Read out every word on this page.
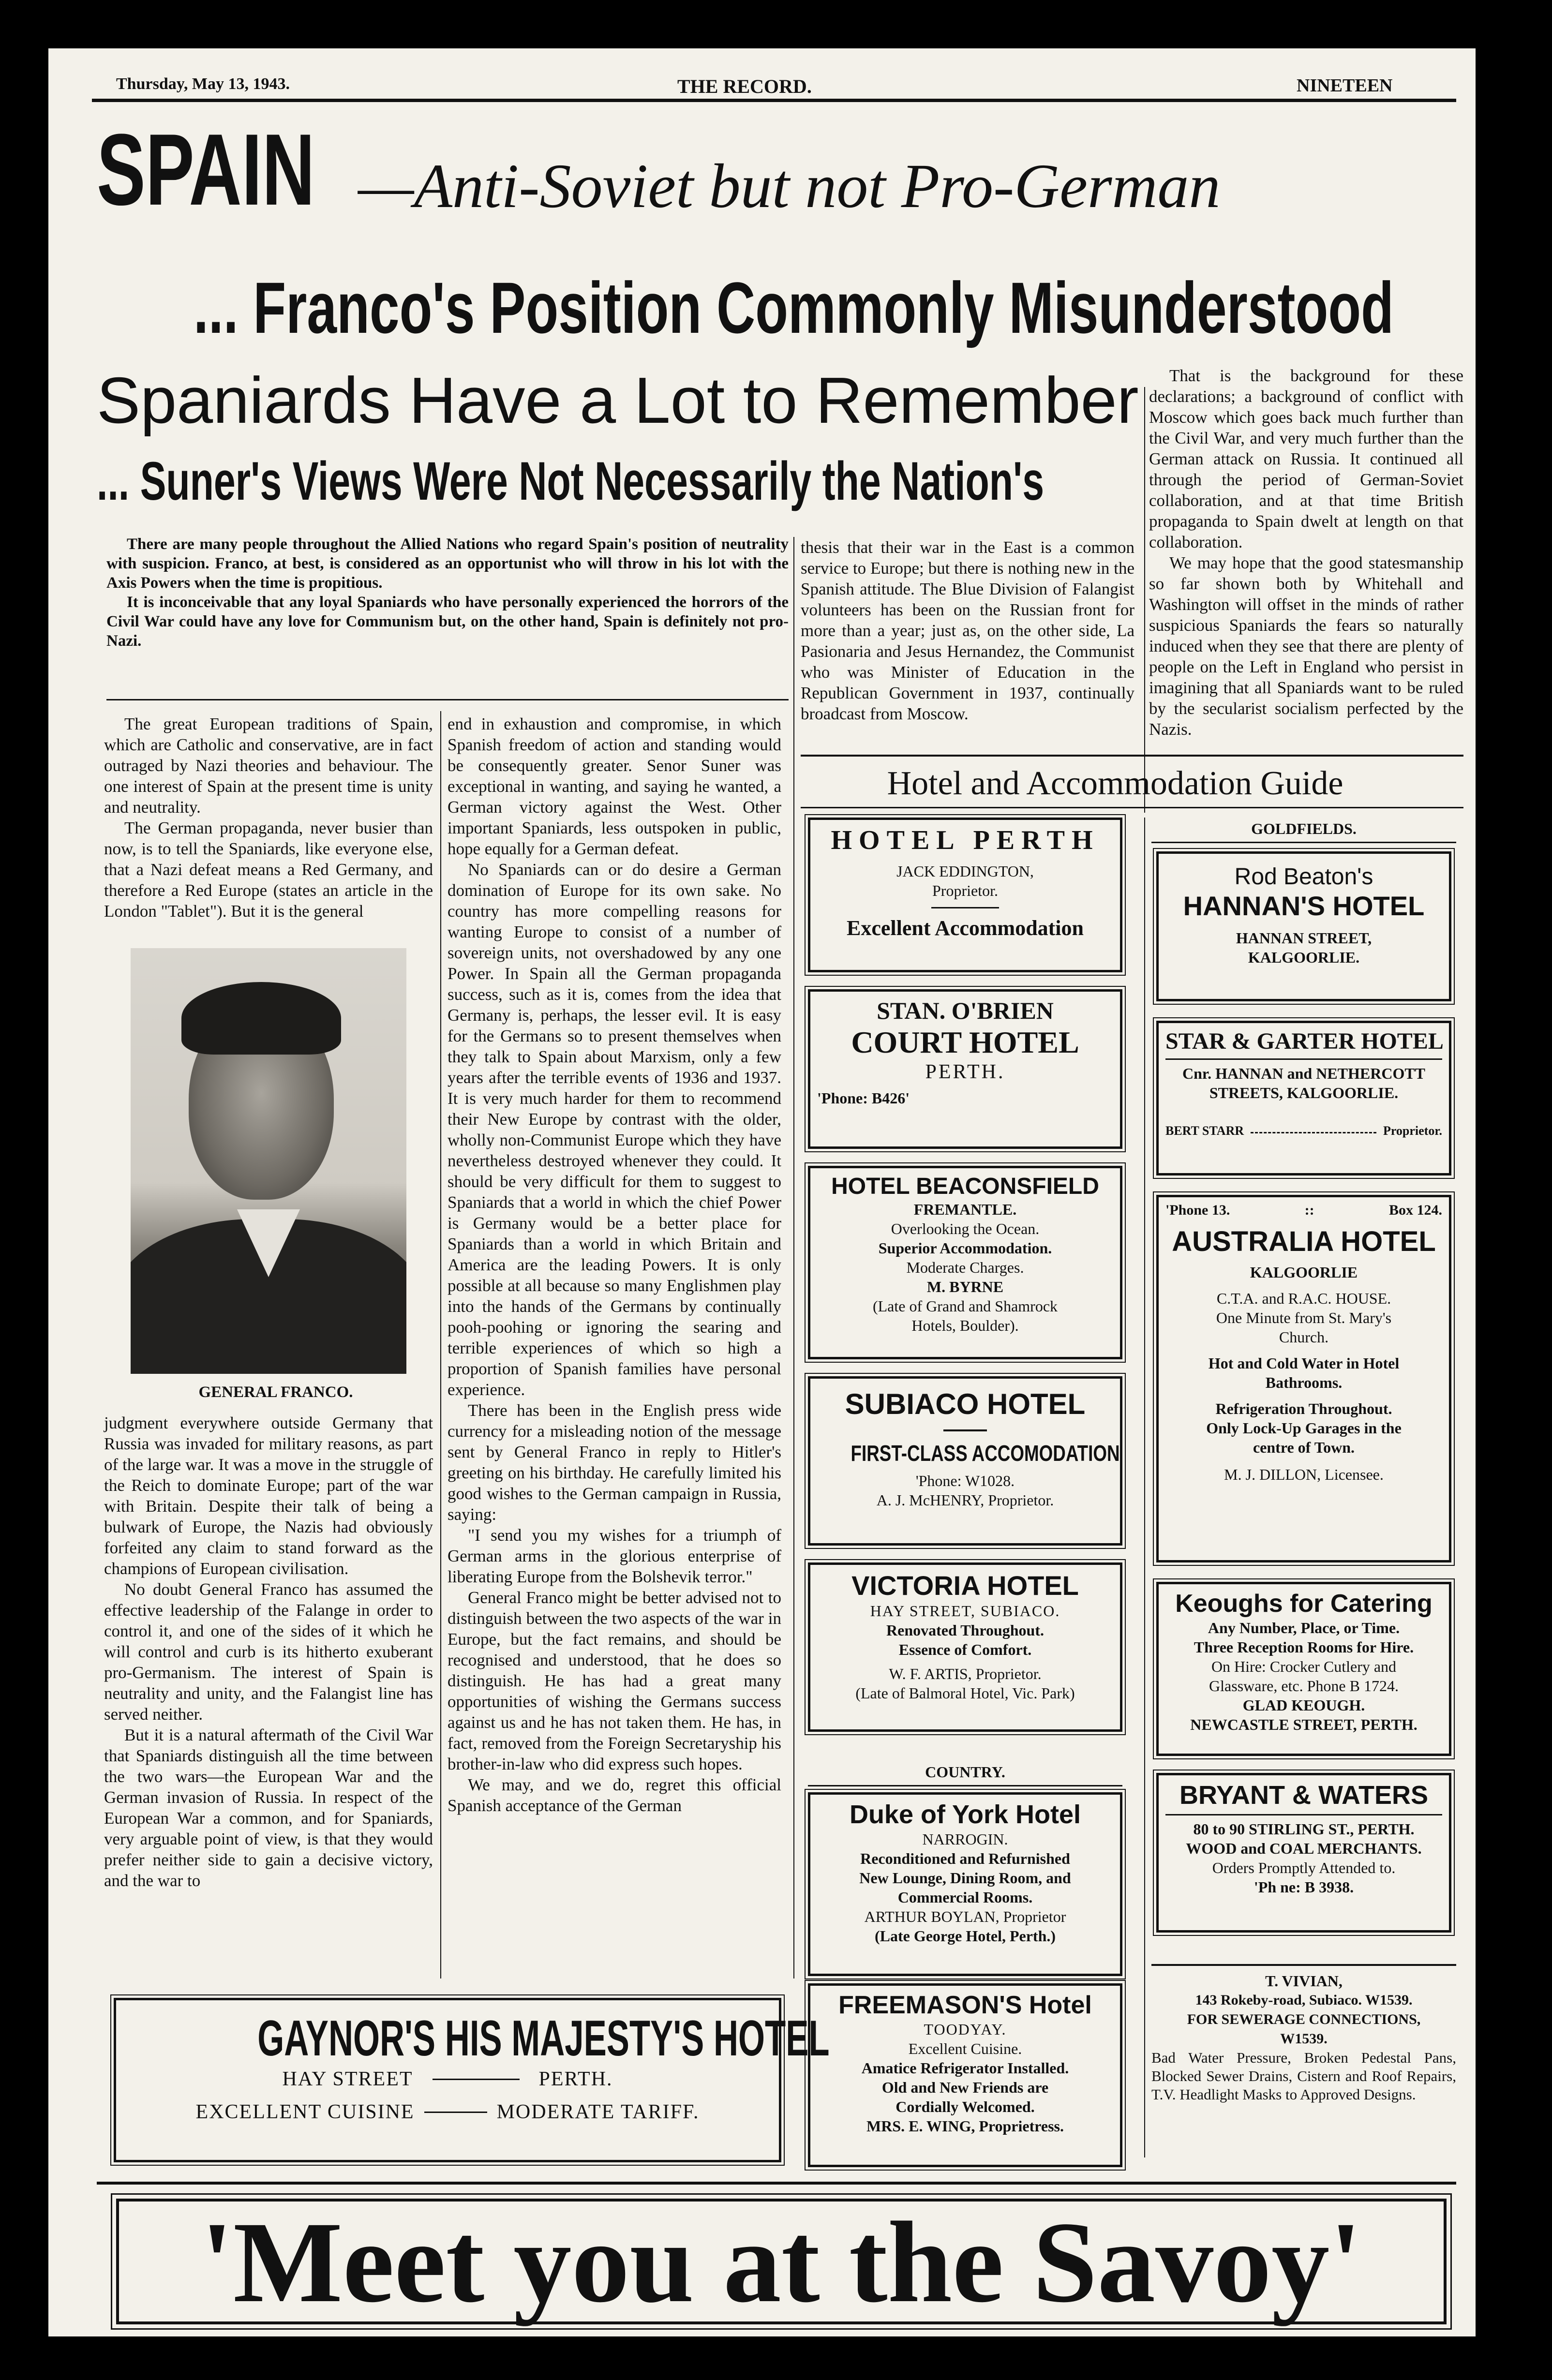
Thursday, May 13, 1943.	THE RECORD.	NINETEEN
SPAIN —Anti-Soviet but not Pro-German
... Franco's Position Commonly Misunderstood
Spaniards Have a Lot to Remember
... Suner's Views Were Not Necessarily the Nation's

There are many people throughout the Allied Nations who regard Spain's position of neutrality with suspicion. Franco, at best, is considered as an opportunist who will throw in his lot with the Axis Powers when the time is propitious.

It is inconceivable that any loyal Spaniards who have personally experienced the horrors of the Civil War could have any love for Communism but, on the other hand, Spain is definitely not pro-Nazi.

The great European traditions of Spain, which are Catholic and conservative, are in fact outraged by Nazi theories and behaviour. The one interest of Spain at the present time is unity and neutrality.

The German propaganda, never busier than now, is to tell the Spaniards, like everyone else, that a Nazi defeat means a Red Germany, and therefore a Red Europe (states an article in the London "Tablet"). But it is the general

GENERAL FRANCO.

judgment everywhere outside Germany that Russia was invaded for military reasons, as part of the large war. It was a move in the struggle of the Reich to dominate Europe; part of the war with Britain. Despite their talk of being a bulwark of Europe, the Nazis had obviously forfeited any claim to stand forward as the champions of European civilisation.

No doubt General Franco has assumed the effective leadership of the Falange in order to control it, and one of the sides of it which he will control and curb is its hitherto exuberant pro-Germanism. The interest of Spain is neutrality and unity, and the Falangist line has served neither.

But it is a natural aftermath of the Civil War that Spaniards distinguish all the time between the two wars—the European War and the German invasion of Russia. In respect of the European War a common, and for Spaniards, very arguable point of view, is that they would prefer neither side to gain a decisive victory, and the war to

end in exhaustion and compromise, in which Spanish freedom of action and standing would be consequently greater. Senor Suner was exceptional in wanting, and saying he wanted, a German victory against the West. Other important Spaniards, less outspoken in public, hope equally for a German defeat.

No Spaniards can or do desire a German domination of Europe for its own sake. No country has more compelling reasons for wanting Europe to consist of a number of sovereign units, not overshadowed by any one Power. In Spain all the German propaganda success, such as it is, comes from the idea that Germany is, perhaps, the lesser evil. It is easy for the Germans so to present themselves when they talk to Spain about Marxism, only a few years after the terrible events of 1936 and 1937. It is very much harder for them to recommend their New Europe by contrast with the older, wholly non-Communist Europe which they have nevertheless destroyed whenever they could. It should be very difficult for them to suggest to Spaniards that a world in which the chief Power is Germany would be a better place for Spaniards than a world in which Britain and America are the leading Powers. It is only possible at all because so many Englishmen play into the hands of the Germans by continually pooh-poohing or ignoring the searing and terrible experiences of which so high a proportion of Spanish families have personal experience.

There has been in the English press wide currency for a misleading notion of the message sent by General Franco in reply to Hitler's greeting on his birthday. He carefully limited his good wishes to the German campaign in Russia, saying:

"I send you my wishes for a triumph of German arms in the glorious enterprise of liberating Europe from the Bolshevik terror."

General Franco might be better advised not to distinguish between the two aspects of the war in Europe, but the fact remains, and should be recognised and understood, that he does so distinguish. He has had a great many opportunities of wishing the Germans success against us and he has not taken them. He has, in fact, removed from the Foreign Secretaryship his brother-in-law who did express such hopes.

We may, and we do, regret this official Spanish acceptance of the German

thesis that their war in the East is a common service to Europe; but there is nothing new in the Spanish attitude. The Blue Division of Falangist volunteers has been on the Russian front for more than a year; just as, on the other side, La Pasionaria and Jesus Hernandez, the Communist who was Minister of Education in the Republican Government in 1937, continually broadcast from Moscow.

That is the background for these declarations; a background of conflict with Moscow which goes back much further than the Civil War, and very much further than the German attack on Russia. It continued all through the period of German-Soviet collaboration, and at that time British propaganda to Spain dwelt at length on that collaboration.

We may hope that the good statesmanship so far shown both by Whitehall and Washington will offset in the minds of rather suspicious Spaniards the fears so naturally induced when they see that there are plenty of people on the Left in England who persist in imagining that all Spaniards want to be ruled by the secularist socialism perfected by the Nazis.

Hotel and Accommodation Guide
HOTEL PERTH
JACK EDDINGTON,
Proprietor.
Excellent Accommodation
STAN. O'BRIEN
COURT HOTEL
PERTH.
'Phone: B426'
HOTEL BEACONSFIELD
FREMANTLE.
Overlooking the Ocean.
Superior Accommodation.
Moderate Charges.
M. BYRNE
(Late of Grand and Shamrock
Hotels, Boulder).
SUBIACO HOTEL
FIRST-CLASS ACCOMODATION
'Phone: W1028.
A. J. McHENRY, Proprietor.
VICTORIA HOTEL
HAY STREET, SUBIACO.
Renovated Throughout.
Essence of Comfort.
W. F. ARTIS, Proprietor.
(Late of Balmoral Hotel, Vic. Park)
COUNTRY.
Duke of York Hotel
NARROGIN.
Reconditioned and Refurnished
New Lounge, Dining Room, and
Commercial Rooms.
ARTHUR BOYLAN, Proprietor
(Late George Hotel, Perth.)
FREEMASON'S Hotel
TOODYAY.
Excellent Cuisine.
Amatice Refrigerator Installed.
Old and New Friends are
Cordially Welcomed.
MRS. E. WING, Proprietress.
GOLDFIELDS.
Rod Beaton's
HANNAN'S HOTEL
HANNAN STREET,
KALGOORLIE.
STAR & GARTER HOTEL
Cnr. HANNAN and NETHERCOTT
STREETS, KALGOORLIE.
BERT STARR	Proprietor.
'Phone 13.	::	Box 124.
AUSTRALIA HOTEL
KALGOORLIE
C.T.A. and R.A.C. HOUSE.
One Minute from St. Mary's
Church.
Hot and Cold Water in Hotel
Bathrooms.
Refrigeration Throughout.
Only Lock-Up Garages in the
centre of Town.
M. J. DILLON, Licensee.
Keoughs for Catering
Any Number, Place, or Time.
Three Reception Rooms for Hire.
On Hire: Crocker Cutlery and
Glassware, etc. Phone B 1724.
GLAD KEOUGH.
NEWCASTLE STREET, PERTH.
BRYANT & WATERS
80 to 90 STIRLING ST., PERTH.
WOOD and COAL MERCHANTS.
Orders Promptly Attended to.
'Ph ne: B 3938.
T. VIVIAN,
143 Rokeby-road, Subiaco. W1539.
FOR SEWERAGE CONNECTIONS,
W1539.
Bad Water Pressure, Broken Pedestal Pans, Blocked Sewer Drains, Cistern and Roof Repairs, T.V. Headlight Masks to Approved Designs.
GAYNOR'S HIS MAJESTY'S HOTEL
HAY STREET	PERTH.
EXCELLENT CUISINE	MODERATE TARIFF.
'Meet you at the Savoy'
